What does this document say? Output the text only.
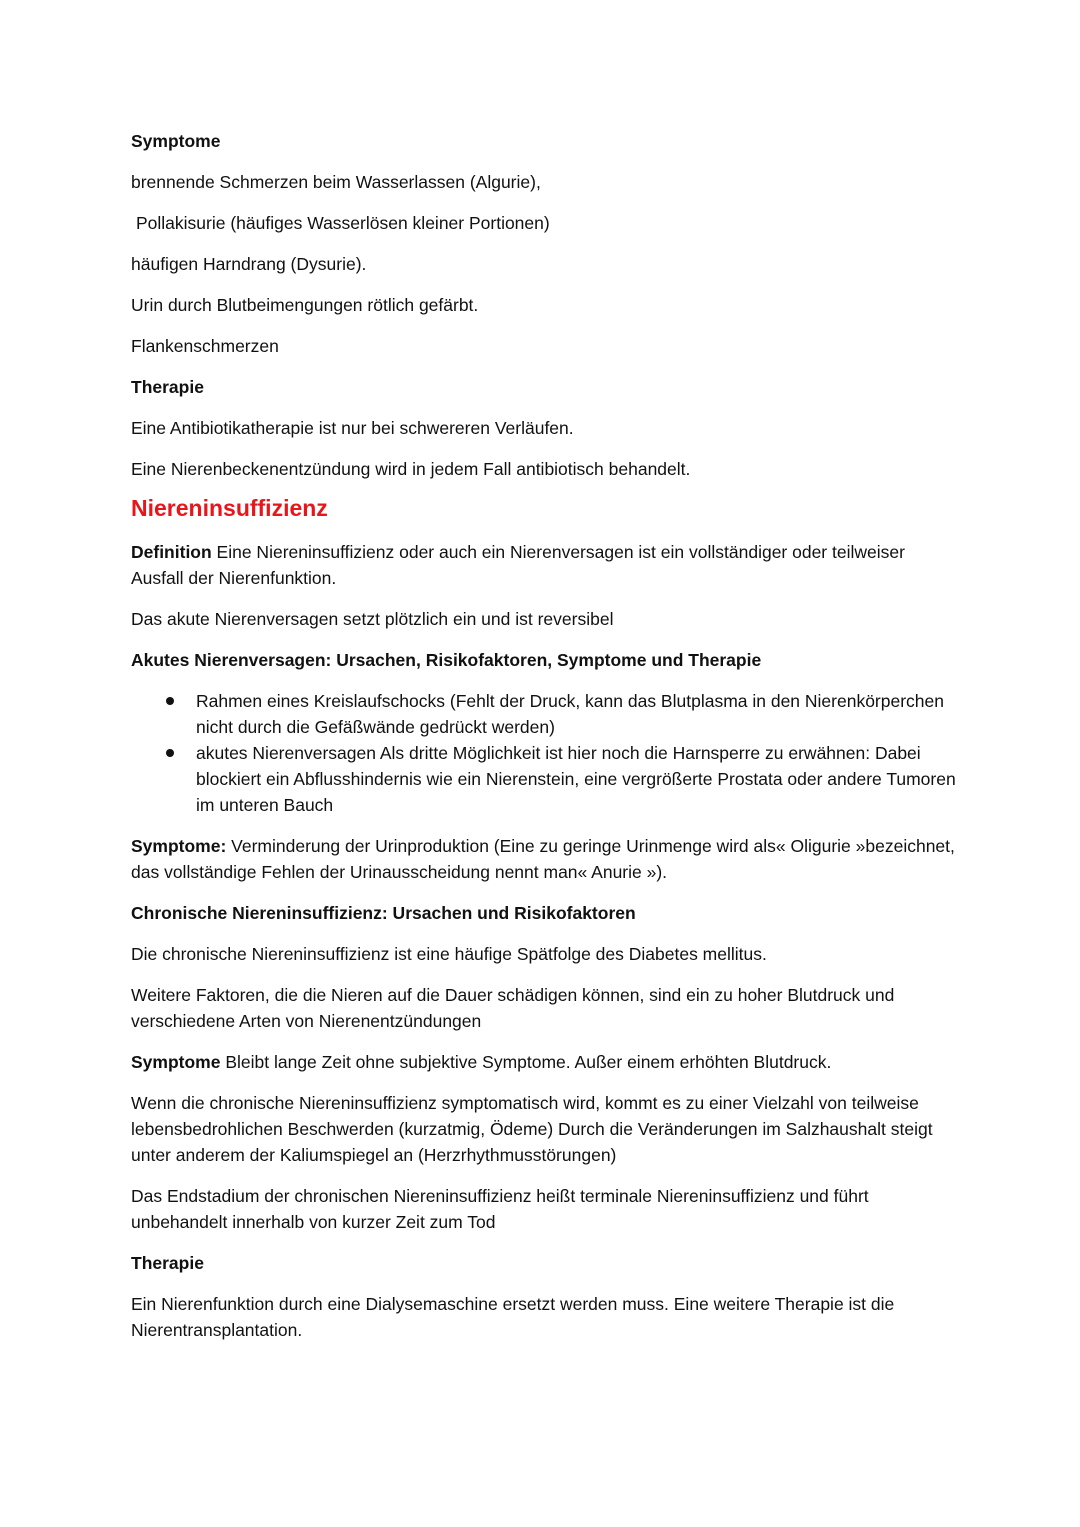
Symptome

brennende Schmerzen beim Wasserlassen (Algurie),

Pollakisurie (häufiges Wasserlösen kleiner Portionen)

häufigen Harndrang (Dysurie).

Urin durch Blutbeimengungen rötlich gefärbt.

Flankenschmerzen

Therapie

Eine Antibiotikatherapie ist nur bei schwereren Verläufen.

Eine Nierenbeckenentzündung wird in jedem Fall antibiotisch behandelt.

Niereninsuffizienz

Definition Eine Niereninsuffizienz oder auch ein Nierenversagen ist ein vollständiger oder teilweiser Ausfall der Nierenfunktion.

Das akute Nierenversagen setzt plötzlich ein und ist reversibel

Akutes Nierenversagen: Ursachen, Risikofaktoren, Symptome und Therapie

Rahmen eines Kreislaufschocks (Fehlt der Druck, kann das Blutplasma in den Nierenkörperchen nicht durch die Gefäßwände gedrückt werden)
akutes Nierenversagen Als dritte Möglichkeit ist hier noch die Harnsperre zu erwähnen: Dabei blockiert ein Abflusshindernis wie ein Nierenstein, eine vergrößerte Prostata oder andere Tumoren im unteren Bauch

Symptome: Verminderung der Urinproduktion (Eine zu geringe Urinmenge wird als« Oligurie »bezeichnet, das vollständige Fehlen der Urinausscheidung nennt man« Anurie »).

Chronische Niereninsuffizienz: Ursachen und Risikofaktoren

Die chronische Niereninsuffizienz ist eine häufige Spätfolge des Diabetes mellitus.

Weitere Faktoren, die die Nieren auf die Dauer schädigen können, sind ein zu hoher Blutdruck und verschiedene Arten von Nierenentzündungen

Symptome Bleibt lange Zeit ohne subjektive Symptome. Außer einem erhöhten Blutdruck.

Wenn die chronische Niereninsuffizienz symptomatisch wird, kommt es zu einer Vielzahl von teilweise lebensbedrohlichen Beschwerden (kurzatmig, Ödeme) Durch die Veränderungen im Salzhaushalt steigt unter anderem der Kaliumspiegel an (Herzrhythmusstörungen)

Das Endstadium der chronischen Niereninsuffizienz heißt terminale Niereninsuffizienz und führt unbehandelt innerhalb von kurzer Zeit zum Tod

Therapie

Ein Nierenfunktion durch eine Dialysemaschine ersetzt werden muss. Eine weitere Therapie ist die Nierentransplantation.
